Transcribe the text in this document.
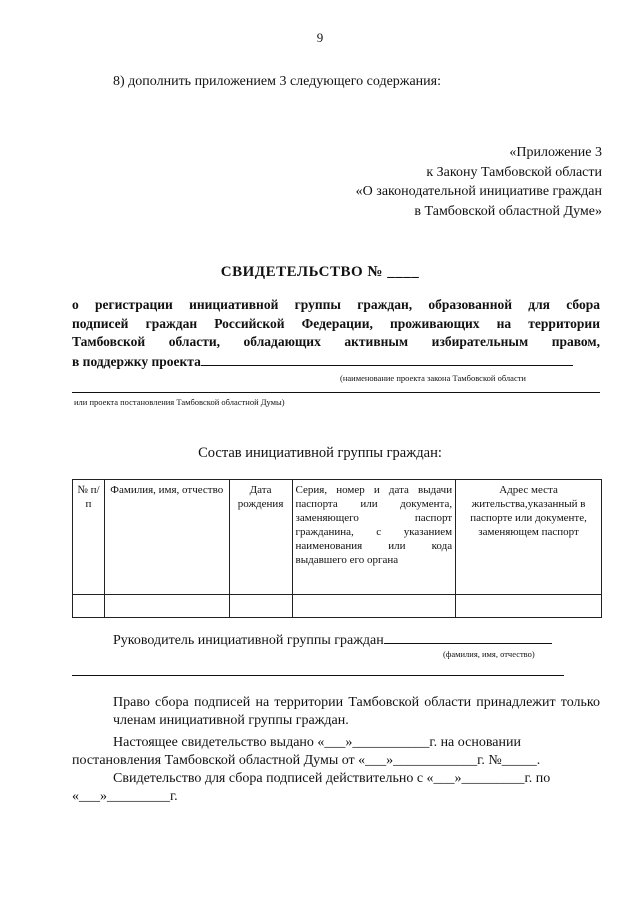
9
8) дополнить приложением 3 следующего содержания:
«Приложение 3
к Закону Тамбовской области
«О законодательной инициативе граждан
в Тамбовской областной Думе»
СВИДЕТЕЛЬСТВО № ____
о регистрации инициативной группы граждан, образованной для сбора
подписей граждан Российской Федерации, проживающих на территории
Тамбовской области, обладающих активным избирательным правом,
в поддержку проекта
(наименование проекта закона Тамбовской области
или проекта постановления Тамбовской областной Думы)
Состав инициативной группы граждан:
№ п/п	Фамилия, имя, отчество	Дата рождения	Серия, номер и дата выдачи паспорта или документа, заменяющего паспорт гражданина, с указанием наименования или кода выдавшего его органа	Адрес места жительства,указанный в паспорте или документе, заменяющем паспорт

Руководитель инициативной группы граждан
(фамилия, имя, отчество)
Право сбора подписей на территории Тамбовской области принадлежит только членам инициативной группы граждан.
Настоящее свидетельство выдано «___»___________г. на основании
постановления Тамбовской областной Думы от «___»____________г. №_____.
Свидетельство для сбора подписей действительно с «___»_________г. по
«___»_________г.
